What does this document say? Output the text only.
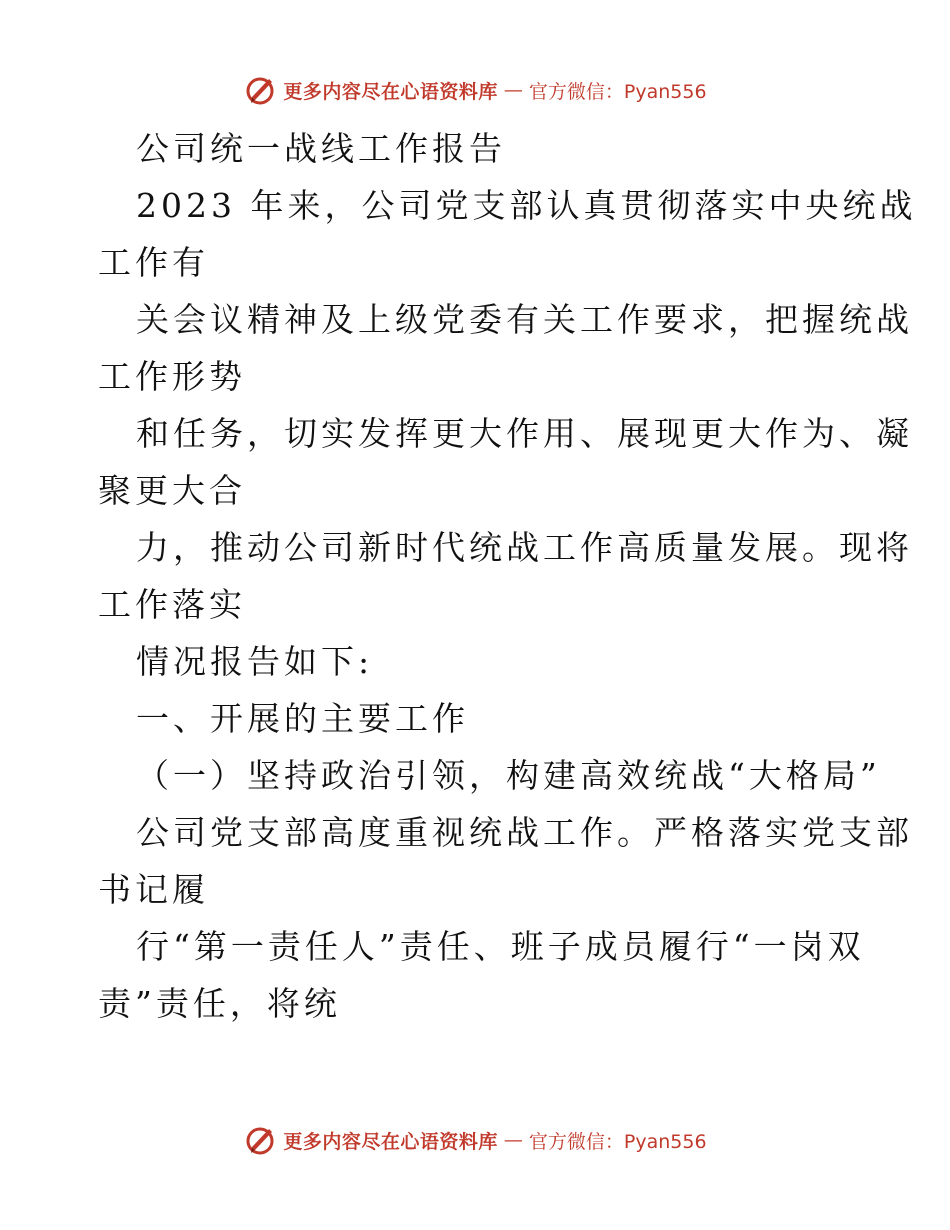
更多内容尽在心语资料库 — 官方微信：Pyan556
公司统一战线工作报告
2023 年来，公司党支部认真贯彻落实中央统战
工作有
关会议精神及上级党委有关工作要求，把握统战
工作形势
和任务，切实发挥更大作用、展现更大作为、凝
聚更大合
力，推动公司新时代统战工作高质量发展。现将
工作落实
情况报告如下:
一、开展的主要工作
（一）坚持政治引领，构建高效统战“大格局”
公司党支部高度重视统战工作。严格落实党支部
书记履
行“第一责任人”责任、班子成员履行“一岗双
责”责任，将统
更多内容尽在心语资料库 — 官方微信：Pyan556
